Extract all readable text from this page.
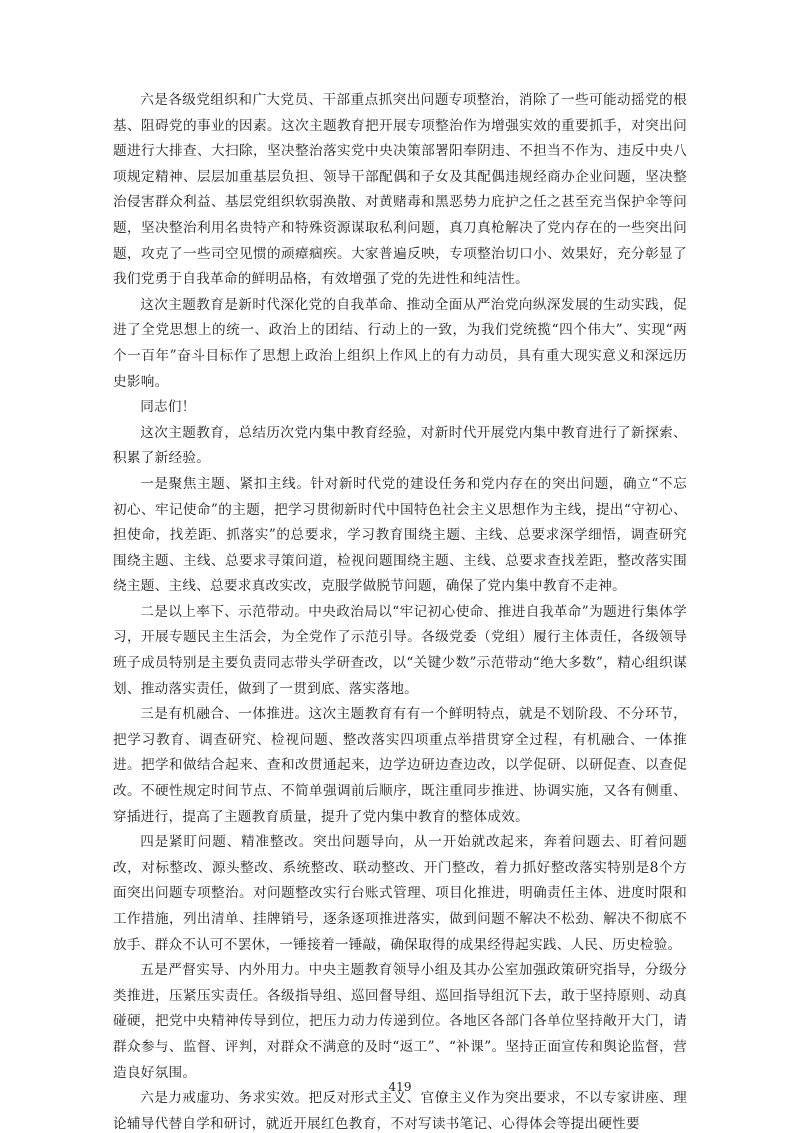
六是各级党组织和广大党员、干部重点抓突出问题专项整治，消除了一些可能动摇党的根基、阻碍党的事业的因素。这次主题教育把开展专项整治作为增强实效的重要抓手，对突出问题进行大排查、大扫除，坚决整治落实党中央决策部署阳奉阴违、不担当不作为、违反中央八项规定精神、层层加重基层负担、领导干部配偶和子女及其配偶违规经商办企业问题，坚决整治侵害群众利益、基层党组织软弱涣散、对黄赌毒和黑恶势力庇护之任之甚至充当保护伞等问题，坚决整治利用名贵特产和特殊资源谋取私利问题，真刀真枪解决了党内存在的一些突出问题，攻克了一些司空见惯的顽瘴痼疾。大家普遍反映，专项整治切口小、效果好，充分彰显了我们党勇于自我革命的鲜明品格，有效增强了党的先进性和纯洁性。

这次主题教育是新时代深化党的自我革命、推动全面从严治党向纵深发展的生动实践，促进了全党思想上的统一、政治上的团结、行动上的一致，为我们党统揽“四个伟大”、实现“两个一百年”奋斗目标作了思想上政治上组织上作风上的有力动员，具有重大现实意义和深远历史影响。

同志们！

这次主题教育，总结历次党内集中教育经验，对新时代开展党内集中教育进行了新探索、积累了新经验。

一是聚焦主题、紧扣主线。针对新时代党的建设任务和党内存在的突出问题，确立“不忘初心、牢记使命”的主题，把学习贯彻新时代中国特色社会主义思想作为主线，提出“守初心、担使命，找差距、抓落实”的总要求，学习教育围绕主题、主线、总要求深学细悟，调查研究围绕主题、主线、总要求寻策问道，检视问题围绕主题、主线、总要求查找差距，整改落实围绕主题、主线、总要求真改实改，克服学做脱节问题，确保了党内集中教育不走神。

二是以上率下、示范带动。中央政治局以“牢记初心使命、推进自我革命”为题进行集体学习，开展专题民主生活会，为全党作了示范引导。各级党委（党组）履行主体责任，各级领导班子成员特别是主要负责同志带头学研查改，以“关键少数”示范带动“绝大多数”，精心组织谋划、推动落实责任，做到了一贯到底、落实落地。

三是有机融合、一体推进。这次主题教育有有一个鲜明特点，就是不划阶段、不分环节，把学习教育、调查研究、检视问题、整改落实四项重点举措贯穿全过程，有机融合、一体推进。把学和做结合起来、查和改贯通起来，边学边研边查边改，以学促研、以研促查、以查促改。不硬性规定时间节点、不简单强调前后顺序，既注重同步推进、协调实施，又各有侧重、穿插进行，提高了主题教育质量，提升了党内集中教育的整体成效。

四是紧盯问题、精准整改。突出问题导向，从一开始就改起来，奔着问题去、盯着问题改，对标整改、源头整改、系统整改、联动整改、开门整改，着力抓好整改落实特别是8个方面突出问题专项整治。对问题整改实行台账式管理、项目化推进，明确责任主体、进度时限和工作措施，列出清单、挂牌销号，逐条逐项推进落实，做到问题不解决不松劲、解决不彻底不放手、群众不认可不罢休，一锤接着一锤敲，确保取得的成果经得起实践、人民、历史检验。

五是严督实导、内外用力。中央主题教育领导小组及其办公室加强政策研究指导，分级分类推进，压紧压实责任。各级指导组、巡回督导组、巡回指导组沉下去，敢于坚持原则、动真碰硬，把党中央精神传导到位，把压力动力传递到位。各地区各部门各单位坚持敞开大门，请群众参与、监督、评判，对群众不满意的及时“返工”、“补课”。坚持正面宣传和舆论监督，营造良好氛围。

六是力戒虚功、务求实效。把反对形式主义、官僚主义作为突出要求，不以专家讲座、理论辅导代替自学和研讨，就近开展红色教育，不对写读书笔记、心得体会等提出硬性要

419
